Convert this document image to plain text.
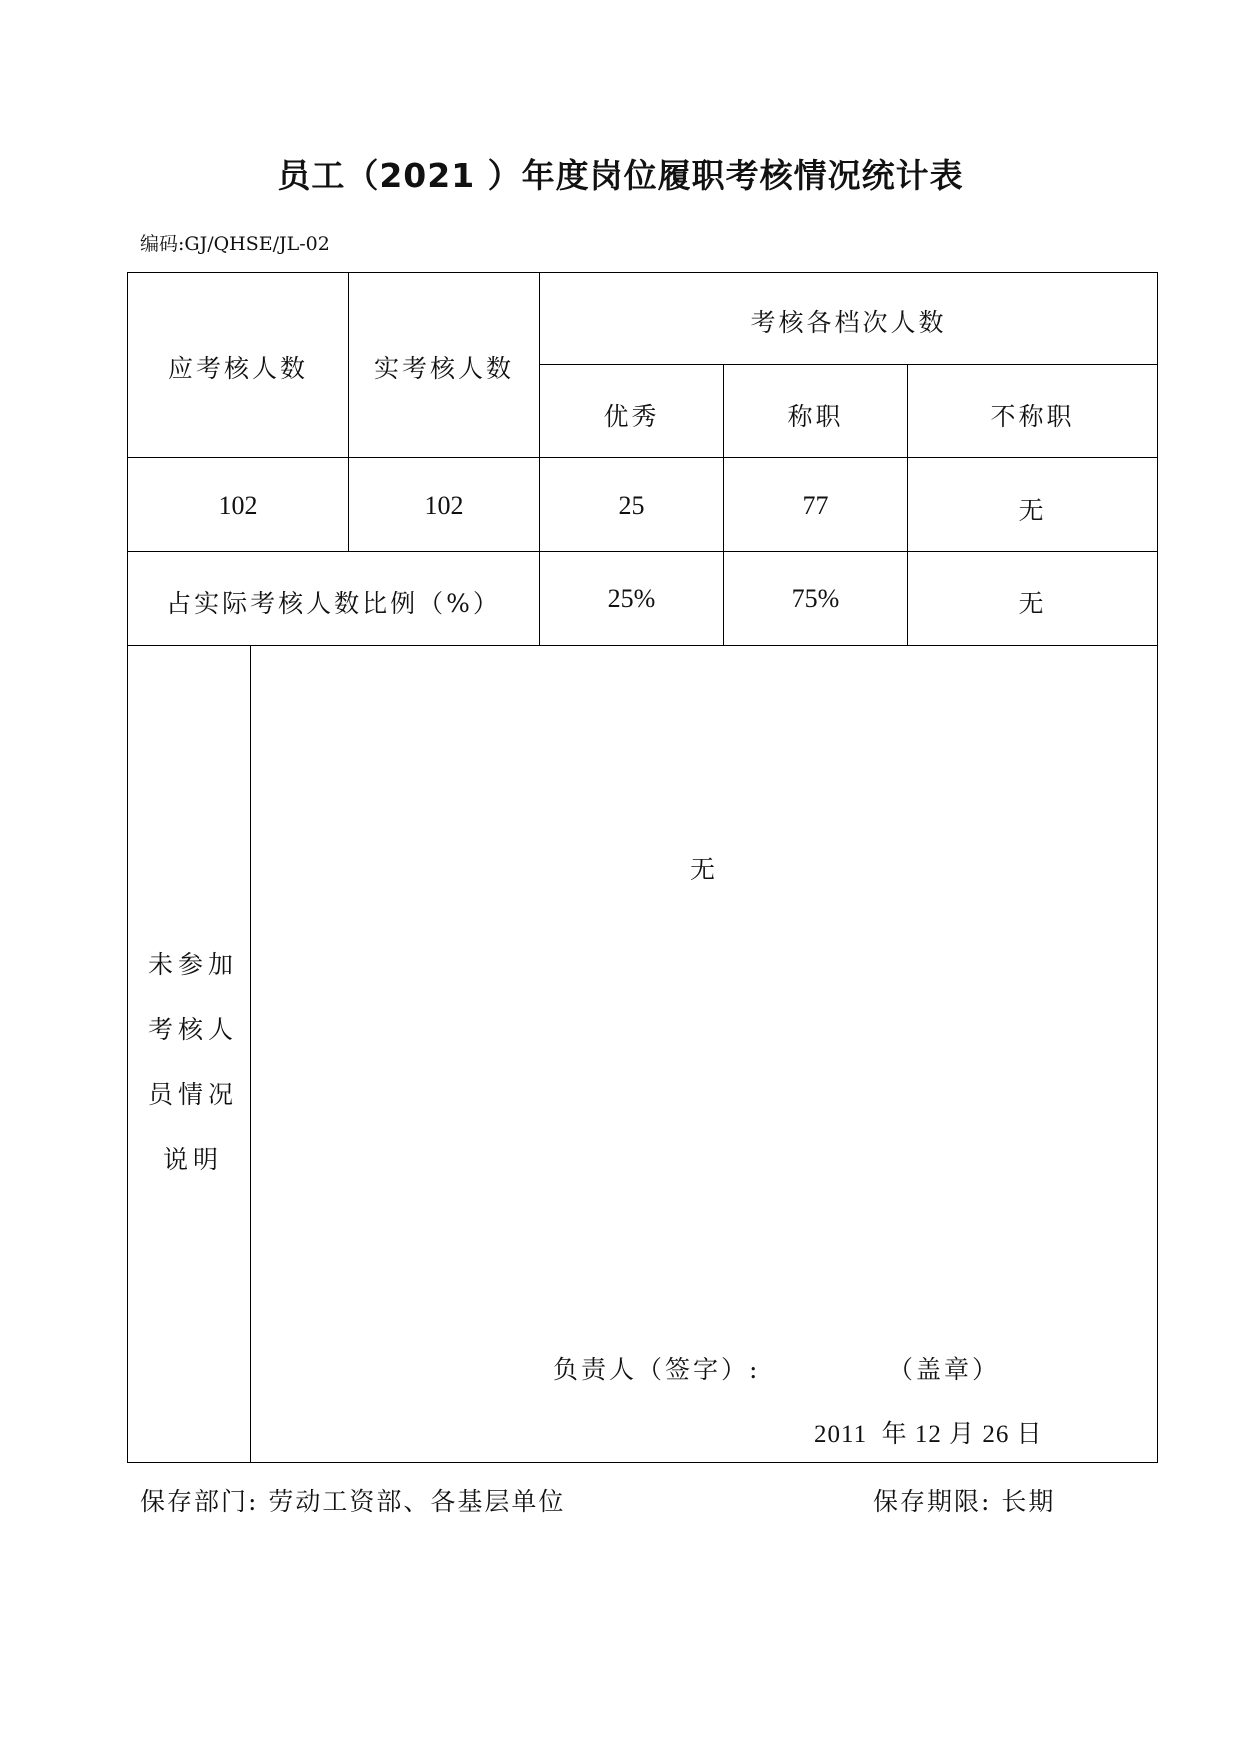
员工（2021 ）年度岗位履职考核情况统计表
编码:GJ/QHSE/JL-02
应考核人数	实考核人数
考核各档次人数
优秀	称职	不称职
102	102	25	77	无
占实际考核人数比例（%）	25%	75%	无
未参加
考核人
员情况
说明
无
负责人（签字）:	（盖章）
2011  年 12 月 26 日
保存部门: 劳动工资部、各基层单位	保存期限: 长期
